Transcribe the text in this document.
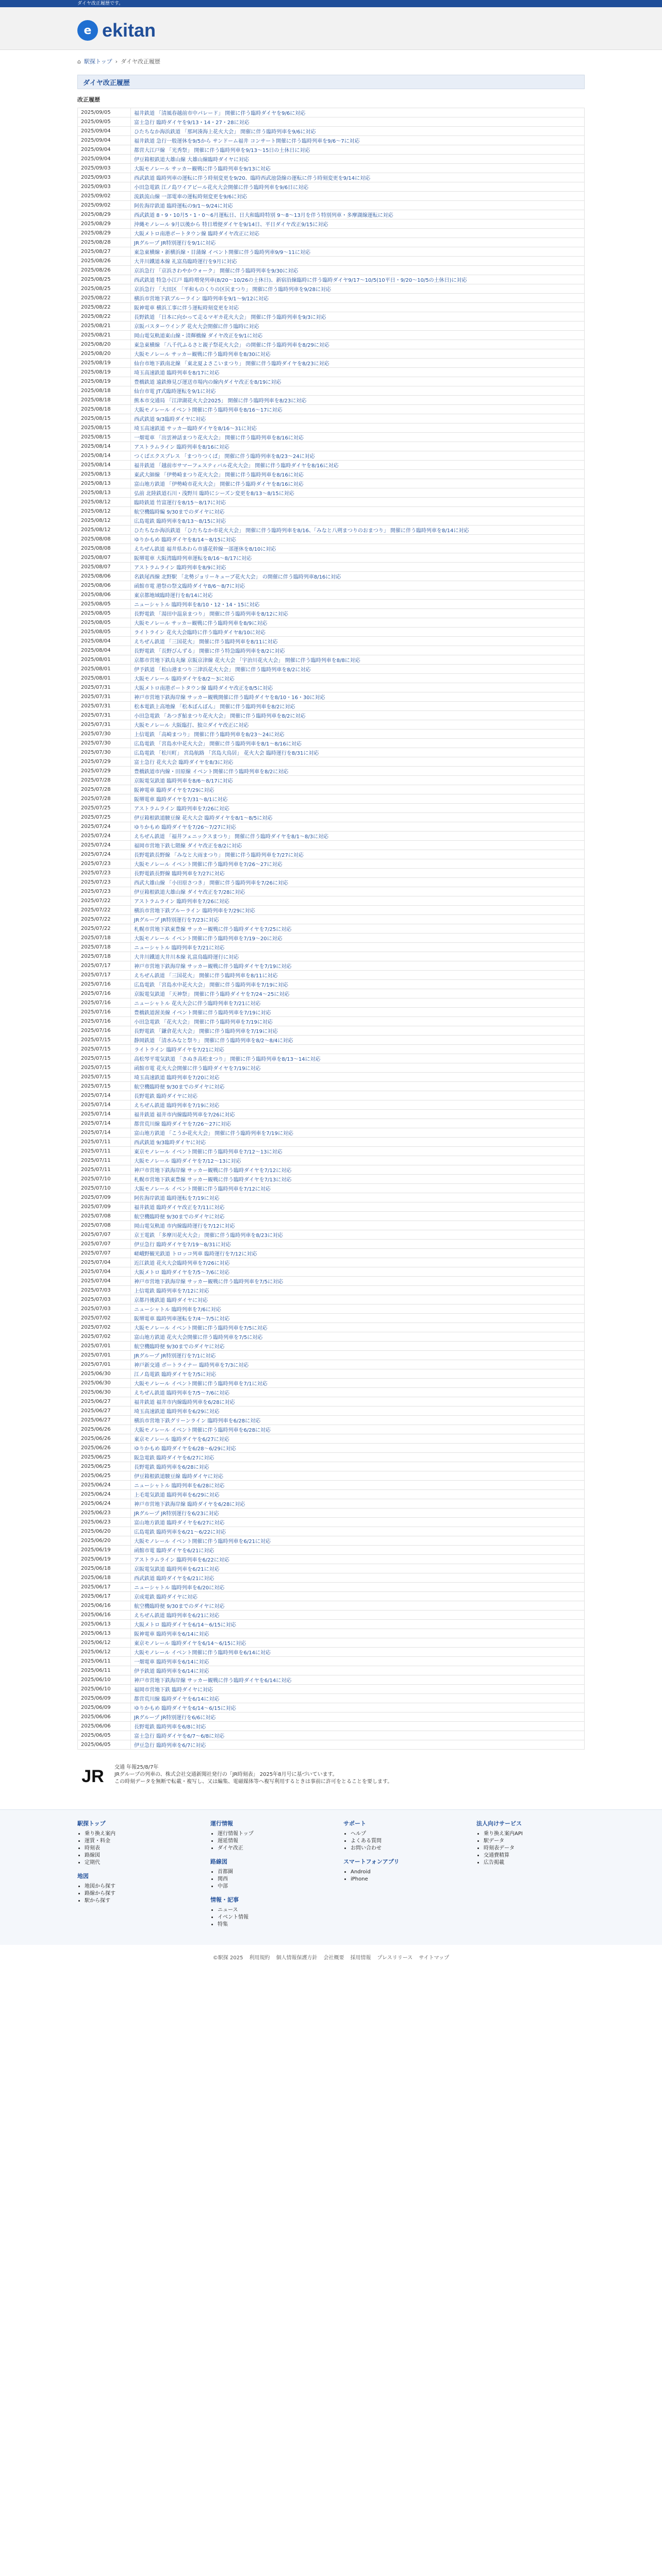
ダイヤ改正履歴です。
e ekitan
⌂ 駅探トップ › ダイヤ改正履歴
ダイヤ改正履歴
改正履歴
2025/09/05	福井鉄道 「清風春越前市中パレード」 開催に伴う臨時ダイヤを9/6に対応
2025/09/05	富士急行 臨時ダイヤを9/13・14・27・28に対応
2025/09/04	ひたちなか海浜鉄道 「那珂湊海上花火大会」 開催に伴う臨時列車を9/6に対応
2025/09/04	福井鉄道 急行一般運休を9/5から サンドーム福井 コンサート開催に伴う臨時列車を9/6～7に対応
2025/09/04	都営大江戸線 「光秀祭」 開催に伴う臨時列車を9/13～15日の土休日に対応
2025/09/04	伊豆箱根鉄道大雄山線 大雄山線臨時ダイヤに対応
2025/09/03	大阪モノレール サッカー観戦に伴う臨時列車を9/13に対応
2025/09/03	西武鉄道 臨時列車の運転に伴う時刻変更を9/20、臨時西武池袋線の運転に伴う時刻変更を9/14に対応
2025/09/03	小田急電鉄 江ノ島ワイアビール花火大会開催に伴う臨時列車を9/6日に対応
2025/09/02	流鉄流山線 一部電車の運転時刻変更を9/6に対応
2025/09/02	阿佐海岸鉄道 臨時運転の9/1～9/24に対応
2025/08/29	西武鉄道 8・9・10月5・1・0～6月運転日、日大和臨時特別 9～8～13月を伴う特別列車・多摩湖線運転に対応
2025/08/29	沖縄モノレール 9月以後から 特日増便ダイヤを9/14日、平日ダイヤ改正9/15に対応
2025/08/29	大阪メトロ南港ポートタウン線 臨時ダイヤ改正に対応
2025/08/28	JRグループ JR特別運行を9/1に対応
2025/08/27	東急東横線・新横浜線・目蒲線 イベント開催に伴う臨時列車9/9～11に対応
2025/08/26	大井川鐵道本線 礼富鳥臨時運行を9月に対応
2025/08/26	京浜急行 「京浜さわやかウォーク」 開催に伴う臨時列車を9/30に対応
2025/08/25	西武鉄道 特急小江戸 臨時増発列車(8/20～10/26の土休日)、新宿沿線臨時に伴う臨時ダイヤ9/17～10/5(10平日・9/20～10/5の土休日)に対応
2025/08/25	京浜急行 「大田区 「平和ものくりの区民まつり」 開催に伴う臨時列車を9/28に対応
2025/08/22	横浜市営地下鉄ブルーライン 臨時列車を9/1～9/12に対応
2025/08/22	阪神電車 横浜工事に伴う運転時刻変更を対応
2025/08/22	長野鉄道 「日本に向かって走るマギカ花火大会」 開催に伴う臨時列車を9/3に対応
2025/08/21	京阪バスターウイング 花火大会開催に伴う臨時に対応
2025/08/21	岡山電気軌道東山線・清輝橋線 ダイヤ改正を9/1に対応
2025/08/20	東急東横線 「八千代ふるさと親子祭花火大会」 の開催に伴う臨時列車を8/29に対応
2025/08/20	大阪モノレール サッカー観戦に伴う臨時列車を8/30に対応
2025/08/19	仙台市地下鉄南北線 「東北夏よさこいまつり」 開催に伴う臨時ダイヤを8/23に対応
2025/08/19	埼玉高速鉄道 臨時列車を8/17に対応
2025/08/19	豊橋鉄道 遠鉄修見び運送市場内の線内ダイヤ改正を8/19に対応
2025/08/18	仙台市電 JT式臨時運転を9/1に対応
2025/08/18	熊本市交通局 「江津湖花火大会2025」 開催に伴う臨時列車を8/23に対応
2025/08/18	大阪モノレール イベント開催に伴う臨時列車を8/16～17に対応
2025/08/15	西武鉄道 9/3臨時ダイヤに対応
2025/08/15	埼玉高速鉄道 サッカー臨時ダイヤを8/16～31に対応
2025/08/15	一畑電車 「出雲神話まつり花火大会」 開催に伴う臨時列車を8/16に対応
2025/08/14	アストラムライン 臨時列車を8/16に対応
2025/08/14	つくばエクスプレス 「まつりつくば」 開催に伴う臨時列車を8/23～24に対応
2025/08/14	福井鉄道 「越前市サマーフェスティバル花火大会」 開催に伴う臨時ダイヤを8/16に対応
2025/08/13	東武大師線 「伊勢崎まつり花火大会」 開催に伴う臨時列車を8/16に対応
2025/08/13	富山地方鉄道 「伊勢崎市花火大会」 開催に伴う臨時ダイヤを8/16に対応
2025/08/13	弘前 北陸鉄道石川・浅野川 臨時にシーズン変更を8/13～8/15に対応
2025/08/12	臨時鉄道 竹富運行を8/15～8/17に対応
2025/08/12	航空機臨時編 9/30までのダイヤに対応
2025/08/12	広島電鉄 臨時列車を8/13～8/15に対応
2025/08/12	ひたちなか海浜鉄道 「ひたちなか市花火大会」 開催に伴う臨時列車を8/16、「みなと八朔まつりのおまつり」 開催に伴う臨時列車を8/14に対応
2025/08/08	ゆりかもめ 臨時ダイヤを8/14～8/15に対応
2025/08/08	えちぜん鉄道 福井県あわら市盛花幹線一部運休を8/10に対応
2025/08/07	阪堺電車 大阪湾臨時列車運転を8/16～8/17に対応
2025/08/07	アストラムライン 臨時列車を8/9に対応
2025/08/06	名鉄尾西線 北野駅 「北勢ジョリーキューブ花火大会」 の開催に伴う臨時列車8/16に対応
2025/08/06	函館市電 港祭の祭文臨時ダイヤ8/6～8/7に対応
2025/08/06	東京都地域臨時運行を8/14に対応
2025/08/05	ニューシャトル 臨時列車を8/10・12・14・15に対応
2025/08/05	長野電鉄 「湯田中温泉まつり」 開催に伴う臨時列車を8/12に対応
2025/08/05	大阪モノレール サッカー観戦に伴う臨時列車を8/9に対応
2025/08/05	ライトライン 花火大会臨時に伴う臨時ダイヤ8/10に対応
2025/08/04	えちぜん鉄道 「三国花火」 開催に伴う臨時列車を8/11に対応
2025/08/04	長野電鉄 「長野びんずる」 開催に伴う特急臨時列車を8/2に対応
2025/08/01	京都市営地下鉄烏丸線 京阪京津線 花火大会 「宇治川花火大会」 開催に伴う臨時列車を8/8に対応
2025/08/01	伊予鉄道 「松山港まつり三津浜花火大会」 開催に伴う臨時列車を8/2に対応
2025/08/01	大阪モノレール 臨時ダイヤを8/2～3に対応
2025/07/31	大阪メトロ南港ポートタウン線 臨時ダイヤ改正を8/5に対応
2025/07/31	神戸市営地下鉄海岸線 サッカー観戦開催に伴う臨時ダイヤを8/10・16・30に対応
2025/07/31	松本電鉄上高地線 「松本ぼんぼん」 開催に伴う臨時列車を8/2に対応
2025/07/31	小田急電鉄 「あつぎ鮎まつり花火大会」 開催に伴う臨時列車を8/2に対応
2025/07/31	大阪モノレール 大阪臨打、独立ダイヤ改正に対応
2025/07/30	上信電鉄 「高崎まつり」 開催に伴う臨時列車を8/23～24に対応
2025/07/30	広島電鉄 「宮島水中花火大会」 開催に伴う臨時列車を8/1～8/16に対応
2025/07/30	広島電鉄 「松川町」 宮島航路 「宮島大鳥居」 花火大会 臨時運行を8/31に対応
2025/07/29	富士急行 花火大会 臨時ダイヤを8/3に対応
2025/07/29	豊橋鉄道市内線・田原線 イベント開催に伴う臨時列車を8/2に対応
2025/07/28	京阪電気鉄道 臨時列車を8/6～8/17に対応
2025/07/28	阪神電車 臨時ダイヤを7/29に対応
2025/07/28	阪堺電車 臨時ダイヤを7/31～8/1に対応
2025/07/25	アストラムライン 臨時列車を7/26に対応
2025/07/25	伊豆箱根鉄道駿豆線 花火大会 臨時ダイヤを8/1～8/5に対応
2025/07/24	ゆりかもめ 臨時ダイヤを7/26～7/27に対応
2025/07/24	えちぜん鉄道 「福井フェニックスまつり」 開催に伴う臨時ダイヤを8/1～8/3に対応
2025/07/24	福岡市営地下鉄七隈線 ダイヤ改正を8/2に対応
2025/07/24	長野電鉄長野線 「みなと大雨まつり」 開催に伴う臨時列車を7/27に対応
2025/07/23	大阪モノレール イベント開催に伴う臨時列車を7/26～27に対応
2025/07/23	長野電鉄長野線 臨時列車を7/27に対応
2025/07/23	西武大雄山線 「小田原さつき」 開催に伴う臨時列車を7/26に対応
2025/07/23	伊豆箱根鉄道大雄山線 ダイヤ改正を7/28に対応
2025/07/22	アストラムライン 臨時列車を7/26に対応
2025/07/22	横浜市営地下鉄ブルーライン 臨時列車を7/29に対応
2025/07/22	JRグループ JR特別運行を7/23に対応
2025/07/22	札幌市営地下鉄東豊線 サッカー観戦に伴う臨時ダイヤを7/25に対応
2025/07/18	大阪モノレール イベント開催に伴う臨時列車を7/19～20に対応
2025/07/18	ニューシャトル 臨時列車を7/21に対応
2025/07/18	大井川鐵道大井川本線 礼富鳥臨時運行に対応
2025/07/17	神戸市営地下鉄海岸線 サッカー観戦に伴う臨時ダイヤを7/19に対応
2025/07/17	えちぜん鉄道 「三国花火」 開催に伴う臨時列車を8/11に対応
2025/07/16	広島電鉄 「宮島水中花火大会」 開催に伴う臨時列車を7/19に対応
2025/07/16	京阪電気鉄道 「天神祭」 開催に伴う臨時ダイヤを7/24～25に対応
2025/07/16	ニューシャトル 花火大会に伴う臨時列車を7/21に対応
2025/07/16	豊橋鉄道渥美線 イベント開催に伴う臨時列車を7/19に対応
2025/07/16	小田急電鉄 「花火大会」 開催に伴う臨時列車を7/19に対応
2025/07/16	長野電鉄 「鎌倉花火大会」 開催に伴う臨時列車を7/19に対応
2025/07/15	静岡鉄道 「清水みなと祭り」 開催に伴う臨時列車を8/2～8/4に対応
2025/07/15	ライトライン 臨時ダイヤを7/21に対応
2025/07/15	高松琴平電気鉄道 「さぬき高松まつり」 開催に伴う臨時列車を8/13～14に対応
2025/07/15	函館市電 花火大会開催に伴う臨時ダイヤを7/19に対応
2025/07/15	埼玉高速鉄道 臨時列車を7/20に対応
2025/07/15	航空機臨時便 9/30までのダイヤに対応
2025/07/14	長野電鉄 臨時ダイヤに対応
2025/07/14	えちぜん鉄道 臨時列車を7/19に対応
2025/07/14	福井鉄道 福井市内線臨時列車を7/26に対応
2025/07/14	都営荒川線 臨時ダイヤを7/26～27に対応
2025/07/14	富山地方鉄道 「こうか花火大会」 開催に伴う臨時列車を7/19に対応
2025/07/11	西武鉄道 9/3臨時ダイヤに対応
2025/07/11	東京モノレール イベント開催に伴う臨時列車を7/12～13に対応
2025/07/11	大阪モノレール 臨時ダイヤを7/12～13に対応
2025/07/11	神戸市営地下鉄海岸線 サッカー観戦に伴う臨時ダイヤを7/12に対応
2025/07/10	札幌市営地下鉄東豊線 サッカー観戦に伴う臨時ダイヤを7/13に対応
2025/07/10	大阪モノレール イベント開催に伴う臨時列車を7/12に対応
2025/07/09	阿佐海岸鉄道 臨時運転を7/19に対応
2025/07/09	福井鉄道 臨時ダイヤ改正を7/11に対応
2025/07/08	航空機臨時便 9/30までのダイヤに対応
2025/07/08	岡山電気軌道 市内線臨時運行を7/12に対応
2025/07/07	京王電鉄 「多摩川花火大会」 開催に伴う臨時列車を8/23に対応
2025/07/07	伊豆急行 臨時ダイヤを7/19～8/31に対応
2025/07/07	嵯峨野観光鉄道 トロッコ列車 臨時運行を7/12に対応
2025/07/04	近江鉄道 花火大会臨時列車を7/26に対応
2025/07/04	大阪メトロ 臨時ダイヤを7/5～7/6に対応
2025/07/04	神戸市営地下鉄海岸線 サッカー観戦に伴う臨時列車を7/5に対応
2025/07/03	上信電鉄 臨時列車を7/12に対応
2025/07/03	京都丹後鉄道 臨時ダイヤに対応
2025/07/03	ニューシャトル 臨時列車を7/6に対応
2025/07/02	阪堺電車 臨時列車運転を7/4～7/5に対応
2025/07/02	大阪モノレール イベント開催に伴う臨時列車を7/5に対応
2025/07/02	富山地方鉄道 花火大会開催に伴う臨時列車を7/5に対応
2025/07/01	航空機臨時便 9/30までのダイヤに対応
2025/07/01	JRグループ JR特別運行を7/1に対応
2025/07/01	神戸新交通 ポートライナー 臨時列車を7/3に対応
2025/06/30	江ノ島電鉄 臨時ダイヤを7/5に対応
2025/06/30	大阪モノレール イベント開催に伴う臨時列車を7/1に対応
2025/06/30	えちぜん鉄道 臨時列車を7/5～7/6に対応
2025/06/27	福井鉄道 福井市内線臨時列車を6/28に対応
2025/06/27	埼玉高速鉄道 臨時列車を6/29に対応
2025/06/27	横浜市営地下鉄グリーンライン 臨時列車を6/28に対応
2025/06/26	大阪モノレール イベント開催に伴う臨時列車を6/28に対応
2025/06/26	東京モノレール 臨時ダイヤを6/27に対応
2025/06/26	ゆりかもめ 臨時ダイヤを6/28～6/29に対応
2025/06/25	阪急電鉄 臨時ダイヤを6/27に対応
2025/06/25	長野電鉄 臨時列車を6/28に対応
2025/06/25	伊豆箱根鉄道駿豆線 臨時ダイヤに対応
2025/06/24	ニューシャトル 臨時列車を6/28に対応
2025/06/24	上毛電気鉄道 臨時列車を6/29に対応
2025/06/24	神戸市営地下鉄海岸線 臨時ダイヤを6/28に対応
2025/06/23	JRグループ JR特別運行を6/23に対応
2025/06/23	富山地方鉄道 臨時ダイヤを6/27に対応
2025/06/20	広島電鉄 臨時列車を6/21～6/22に対応
2025/06/20	大阪モノレール イベント開催に伴う臨時列車を6/21に対応
2025/06/19	函館市電 臨時ダイヤを6/21に対応
2025/06/19	アストラムライン 臨時列車を6/22に対応
2025/06/18	京阪電気鉄道 臨時列車を6/21に対応
2025/06/18	西武鉄道 臨時ダイヤを6/21に対応
2025/06/17	ニューシャトル 臨時列車を6/20に対応
2025/06/17	京成電鉄 臨時ダイヤに対応
2025/06/16	航空機臨時便 9/30までのダイヤに対応
2025/06/16	えちぜん鉄道 臨時列車を6/21に対応
2025/06/13	大阪メトロ 臨時ダイヤを6/14～6/15に対応
2025/06/13	阪神電車 臨時列車を6/14に対応
2025/06/12	東京モノレール 臨時ダイヤを6/14～6/15に対応
2025/06/12	大阪モノレール イベント開催に伴う臨時列車を6/14に対応
2025/06/11	一畑電車 臨時列車を6/14に対応
2025/06/11	伊予鉄道 臨時列車を6/14に対応
2025/06/10	神戸市営地下鉄海岸線 サッカー観戦に伴う臨時ダイヤを6/14に対応
2025/06/10	福岡市営地下鉄 臨時ダイヤに対応
2025/06/09	都営荒川線 臨時ダイヤを6/14に対応
2025/06/09	ゆりかもめ 臨時ダイヤを6/14～6/15に対応
2025/06/06	JRグループ JR特別運行を6/6に対応
2025/06/06	長野電鉄 臨時列車を6/8に対応
2025/06/05	富士急行 臨時ダイヤを6/7～6/8に対応
2025/06/05	伊豆急行 臨時列車を6/7に対応
JR 交通 年報25/8/7年
JRグループの列車の、株式会社交通新聞社発行の「JR時刻表」 2025年8月号に基づいています。
この時刻データを無断で転載・複写し、又は編集、電磁媒体等へ複写利用するときは事前に許可をとることを要します。
駅探トップ
• 乗り換え案内
• 運賃・料金
• 時刻表
• 路線図
• 定期代
地図
• 地図から探す
• 路線から探す
• 駅から探す
運行情報
• 運行情報トップ
• 遅延情報
• ダイヤ改正
路線図
• 首都圏
• 関西
• 中部
情報・記事
• ニュース
• イベント情報
• 特集
サポート
• ヘルプ
• よくある質問
• お問い合わせ
スマートフォンアプリ
• Android
• iPhone
法人向けサービス
• 乗り換え案内API
• 駅データ
• 時刻表データ
• 交通費精算
• 広告掲載
©駅探 2025 利用規約 個人情報保護方針 会社概要 採用情報 プレスリリース サイトマップ
